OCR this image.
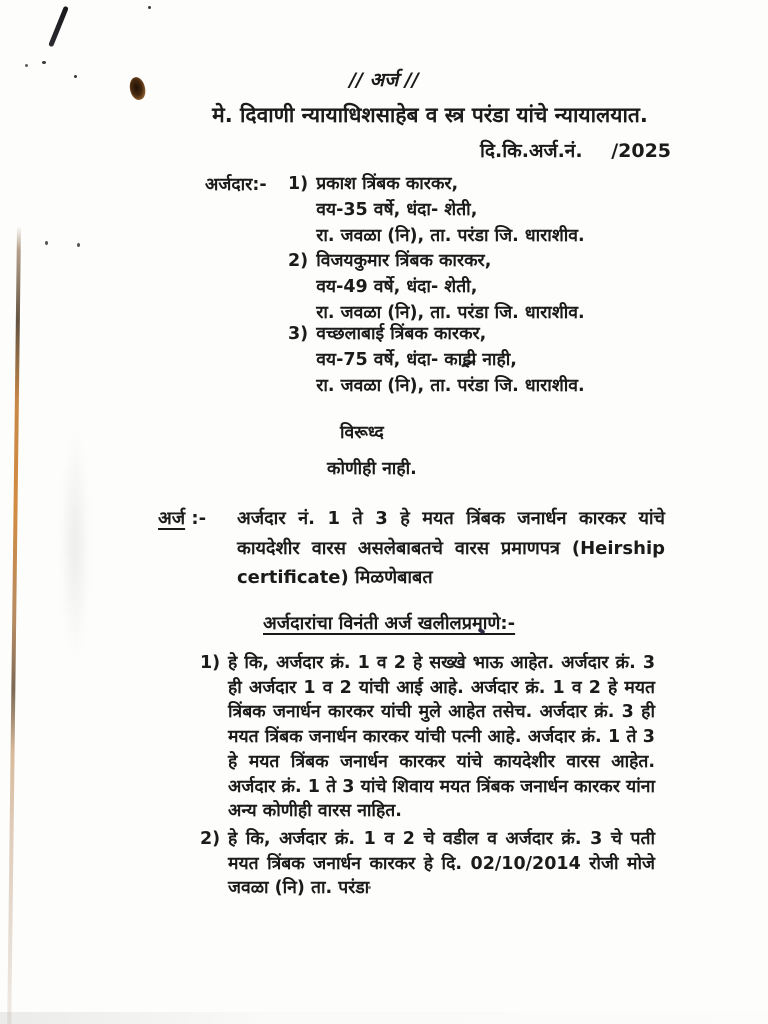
// अर्ज //
मे. दिवाणी न्यायाधिशसाहेब व स्त्र परंडा यांचे न्यायालयात.
दि.कि.अर्ज.नं. /2025
अर्जदार:- 1) प्रकाश त्रिंबक कारकर,
वय-35 वर्षे, धंदा- शेती,
रा. जवळा (नि), ता. परंडा जि. धाराशीव.
2) विजयकुमार त्रिंबक कारकर,
वय-49 वर्षे, धंदा- शेती,
रा. जवळा (नि), ता. परंडा जि. धाराशीव.
3) वच्छलाबाई त्रिंबक कारकर,
वय-75 वर्षे, धंदा- काही नाही,
रा. जवळा (नि), ता. परंडा जि. धाराशीव.
विरूध्द
कोणीही नाही.
अर्ज :- अर्जदार नं. 1 ते 3 हे मयत त्रिंबक जनार्धन कारकर यांचे कायदेशीर वारस असलेबाबतचे वारस प्रमाणपत्र (Heirship certificate) मिळणेबाबत
अर्जदारांचा विनंती अर्ज खलीलप्रमाणे:-
1) हे कि, अर्जदार क्रं. 1 व 2 हे सख्खे भाऊ आहेत. अर्जदार क्रं. 3 ही अर्जदार 1 व 2 यांची आई आहे. अर्जदार क्रं. 1 व 2 हे मयत त्रिंबक जनार्धन कारकर यांची मुले आहेत तसेच. अर्जदार क्रं. 3 ही मयत त्रिंबक जनार्धन कारकर यांची पत्नी आहे. अर्जदार क्रं. 1 ते 3 हे मयत त्रिंबक जनार्धन कारकर यांचे कायदेशीर वारस आहेत. अर्जदार क्रं. 1 ते 3 यांचे शिवाय मयत त्रिंबक जनार्धन कारकर यांना अन्य कोणीही वारस नाहित.
2) हे कि, अर्जदार क्रं. 1 व 2 चे वडील व अर्जदार क्रं. 3 चे पती मयत त्रिंबक जनार्धन कारकर हे दि. 02/10/2014 रोजी मोजे जवळा (नि) ता. परंडा
